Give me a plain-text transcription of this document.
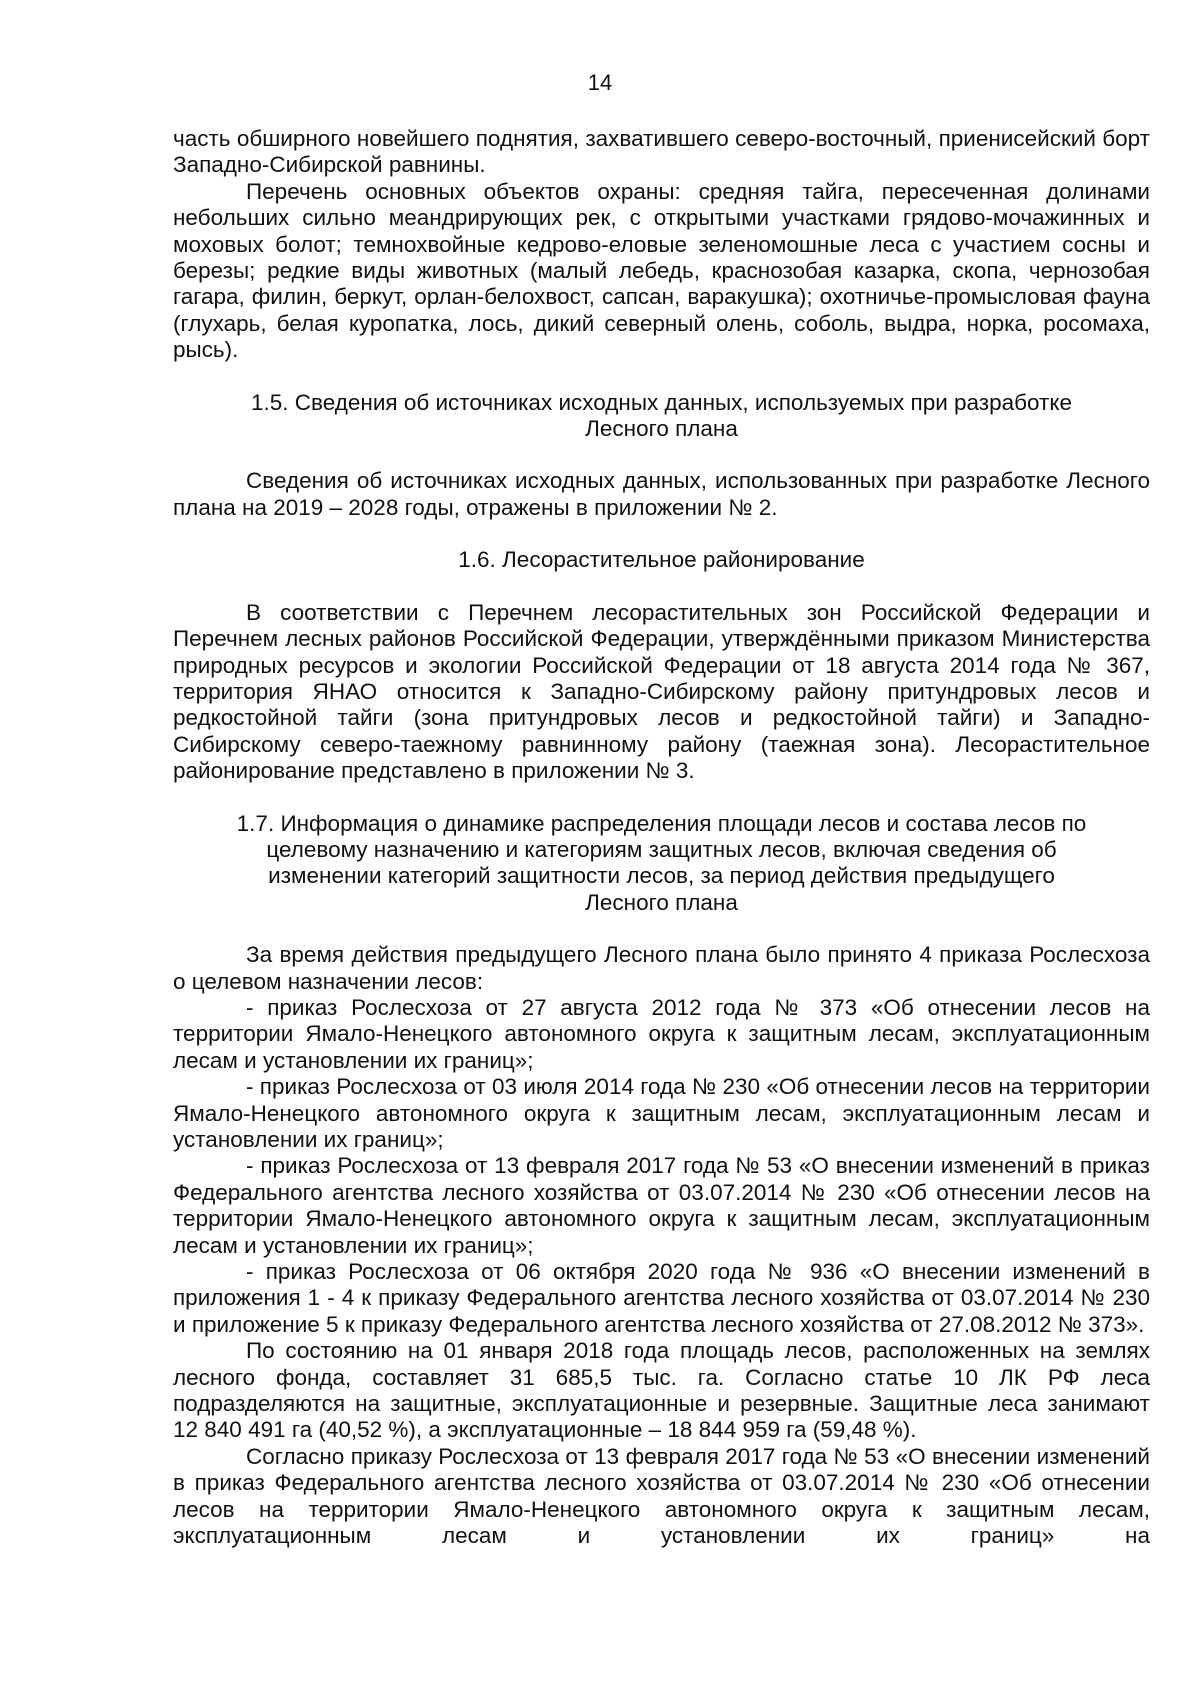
14

часть обширного новейшего поднятия, захватившего северо-восточный, приенисейский борт Западно-Сибирской равнины.

Перечень основных объектов охраны: средняя тайга, пересеченная долинами небольших сильно меандрирующих рек, с открытыми участками грядово-мочажинных и моховых болот; темнохвойные кедрово-еловые зеленомошные леса с участием сосны и березы; редкие виды животных (малый лебедь, краснозобая казарка, скопа, чернозобая гагара, филин, беркут, орлан-белохвост, сапсан, варакушка); охотничье-промысловая фауна (глухарь, белая куропатка, лось, дикий северный олень, соболь, выдра, норка, росомаха, рысь).

1.5. Сведения об источниках исходных данных, используемых при разработке
Лесного плана

Сведения об источниках исходных данных, использованных при разработке Лесного плана на 2019 – 2028 годы, отражены в приложении № 2.

1.6. Лесорастительное районирование

В соответствии с Перечнем лесорастительных зон Российской Федерации и Перечнем лесных районов Российской Федерации, утверждёнными приказом Министерства природных ресурсов и экологии Российской Федерации от 18 августа 2014 года № 367, территория ЯНАО относится к Западно-Сибирскому району притундровых лесов и редкостойной тайги (зона притундровых лесов и редкостойной тайги) и Западно-Сибирскому северо-таежному равнинному району (таежная зона). Лесорастительное районирование представлено в приложении № 3.

1.7. Информация о динамике распределения площади лесов и состава лесов по
целевому назначению и категориям защитных лесов, включая сведения об
изменении категорий защитности лесов, за период действия предыдущего
Лесного плана

За время действия предыдущего Лесного плана было принято 4 приказа Рослесхоза о целевом назначении лесов:

- приказ Рослесхоза от 27 августа 2012 года № 373 «Об отнесении лесов на территории Ямало-Ненецкого автономного округа к защитным лесам, эксплуатационным лесам и установлении их границ»;

- приказ Рослесхоза от 03 июля 2014 года № 230 «Об отнесении лесов на территории Ямало-Ненецкого автономного округа к защитным лесам, эксплуатационным лесам и установлении их границ»;

- приказ Рослесхоза от 13 февраля 2017 года № 53 «О внесении изменений в приказ Федерального агентства лесного хозяйства от 03.07.2014 № 230 «Об отнесении лесов на территории Ямало-Ненецкого автономного округа к защитным лесам, эксплуатационным лесам и установлении их границ»;

- приказ Рослесхоза от 06 октября 2020 года № 936 «О внесении изменений в приложения 1 - 4 к приказу Федерального агентства лесного хозяйства от 03.07.2014 № 230 и приложение 5 к приказу Федерального агентства лесного хозяйства от 27.08.2012 № 373».

По состоянию на 01 января 2018 года площадь лесов, расположенных на землях лесного фонда, составляет 31 685,5 тыс. га. Согласно статье 10 ЛК РФ леса подразделяются на защитные, эксплуатационные и резервные. Защитные леса занимают 12 840 491 га (40,52 %), а эксплуатационные – 18 844 959 га (59,48 %).

Согласно приказу Рослесхоза от 13 февраля 2017 года № 53 «О внесении изменений в приказ Федерального агентства лесного хозяйства от 03.07.2014 № 230 «Об отнесении лесов на территории Ямало-Ненецкого автономного округа к защитным лесам, эксплуатационным лесам и установлении их границ» на
